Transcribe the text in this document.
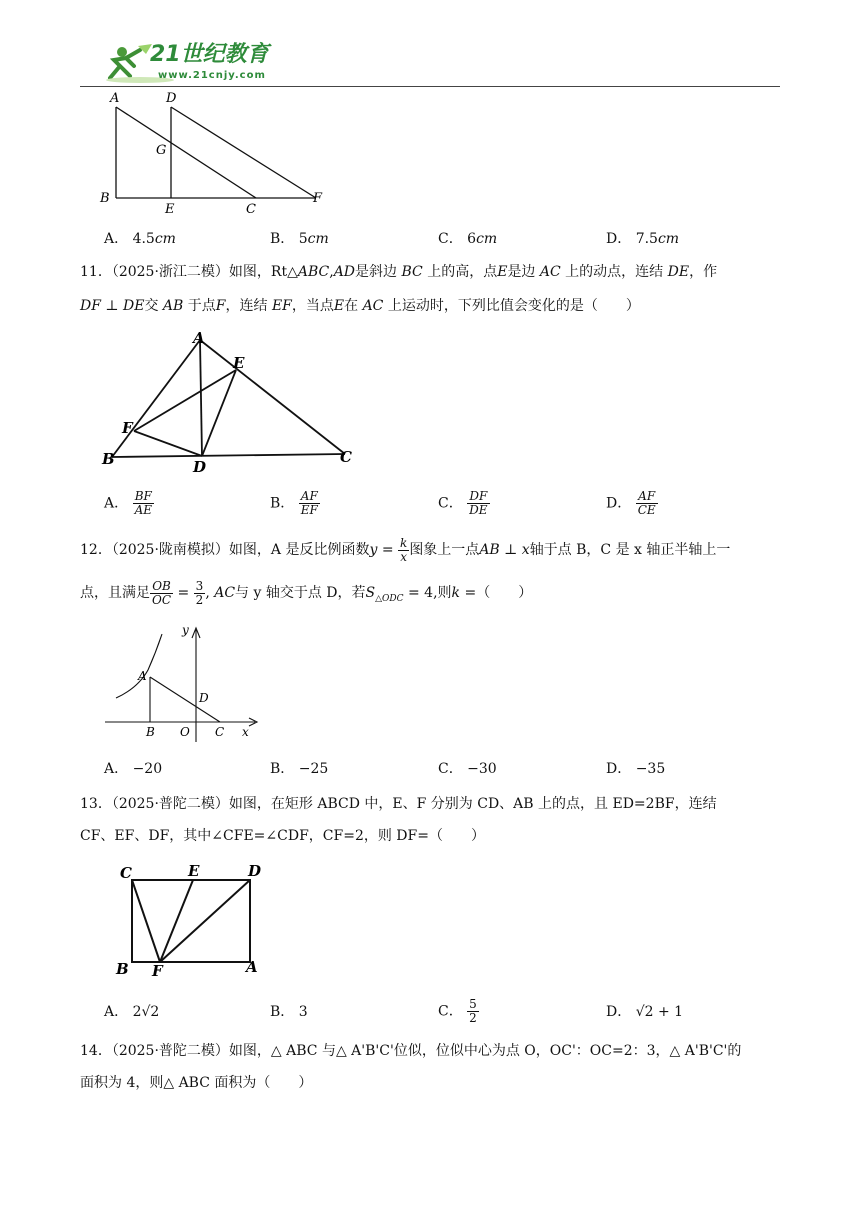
21世纪教育
www.21cnjy.com
A	D
G
B
E	C
F
A． 4.5cm	B． 5cm	C． 6cm	D． 7.5cm
11．（2025·浙江二模）如图，Rt△ABC,AD是斜边 BC 上的高，点E是边 AC 上的动点，连结 DE，作
DF ⊥ DE交 AB 于点F，连结 EF，当点E在 AC 上运动时，下列比值会变化的是（　　）
A
E
F
B	D
C
A． $\frac{BF}{AE}$	B． $\frac{AF}{EF}$	C． $\frac{DF}{DE}$	D． $\frac{AF}{CE}$
12．（2025·陇南模拟）如图，A 是反比例函数$y = \frac{k}{x}$ 图象上一点AB ⊥ x轴于点 B，C 是 x 轴正半轴上一
点，且满足 $\frac{OB}{OC} = \frac{3}{2}$ , AC与 y 轴交于点 D，若$S_{\triangle ODC} = 4$,则k =（　　）
y
A
D
B O C x
A． −20	B． −25	C． −30	D． −35
13．（2025·普陀二模）如图，在矩形 ABCD 中，E、F 分别为 CD、AB 上的点，且 ED=2BF，连结
CF、EF、DF，其中∠CFE=∠CDF，CF=2，则 DF=（　　）
C	E	D
B F	A
A． 2√2	B． 3	C． $\frac{5}{2}$	D． √2 + 1
14．（2025·普陀二模）如图，△ ABC 与△ A'B'C'位似，位似中心为点 O，OC'：OC=2：3，△ A'B'C'的
面积为 4，则△ ABC 面积为（　　）
